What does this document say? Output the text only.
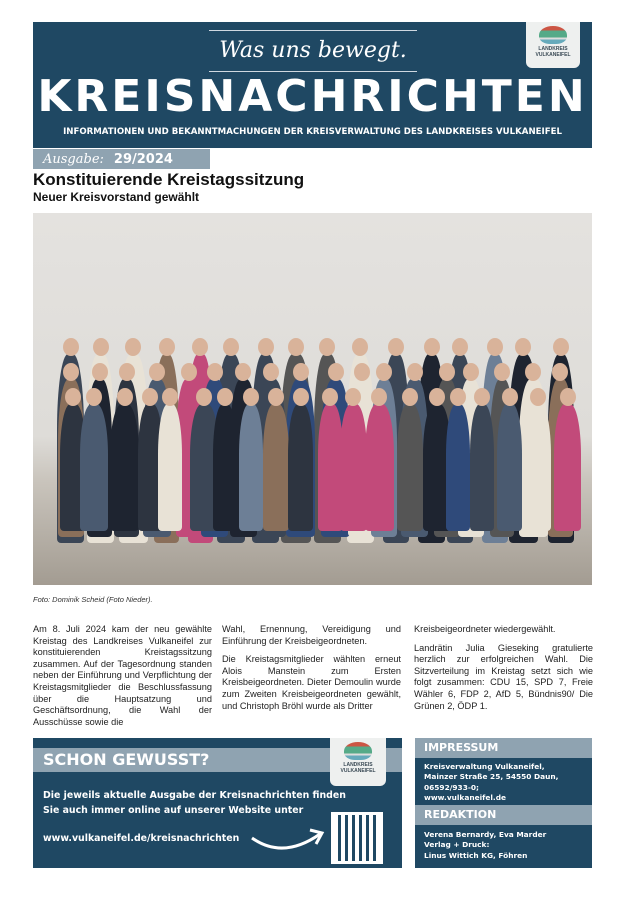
Was uns bewegt.
KREISNACHRICHTEN
INFORMATIONEN UND BEKANNTMACHUNGEN DER KREISVERWALTUNG DES LANDKREISES VULKANEIFEL
LANDKREIS VULKANEIFEL
Ausgabe: 29/2024
Konstituierende Kreistagssitzung
Neuer Kreisvorstand gewählt
Foto: Dominik Scheid (Foto Nieder).

Am 8. Juli 2024 kam der neu gewählte Kreistag des Landkreises Vulkaneifel zur konstituierenden Kreistagssitzung zusammen. Auf der Tagesordnung standen neben der Einführung und Verpflichtung der Kreistagsmitglieder die Beschlussfassung über die Hauptsatzung und Geschäftsordnung, die Wahl der Ausschüsse sowie die

Wahl, Ernennung, Vereidigung und Einführung der Kreisbeigeordneten.

Die Kreistagsmitglieder wählten erneut Alois Manstein zum Ersten Kreisbeigeordneten. Dieter Demoulin wurde zum Zweiten Kreisbeigeordneten gewählt, und Christoph Bröhl wurde als Dritter

Kreisbeigeordneter wiedergewählt.

Landrätin Julia Gieseking gratulierte herzlich zur erfolgreichen Wahl. Die Sitzverteilung im Kreistag setzt sich wie folgt zusammen: CDU 15, SPD 7, Freie Wähler 6, FDP 2, AfD 5, Bündnis90/ Die Grünen 2, ÖDP 1.

SCHON GEWUSST?	LANDKREIS VULKANEIFEL
Die jeweils aktuelle Ausgabe der Kreisnachrichten finden Sie auch immer online auf unserer Website unter
www.vulkaneifel.de/kreisnachrichten
IMPRESSUM
Kreisverwaltung Vulkaneifel,
Mainzer Straße 25, 54550 Daun,
06592/933-0;
www.vulkaneifel.de
REDAKTION
Verena Bernardy, Eva Marder
Verlag + Druck:
Linus Wittich KG, Föhren
